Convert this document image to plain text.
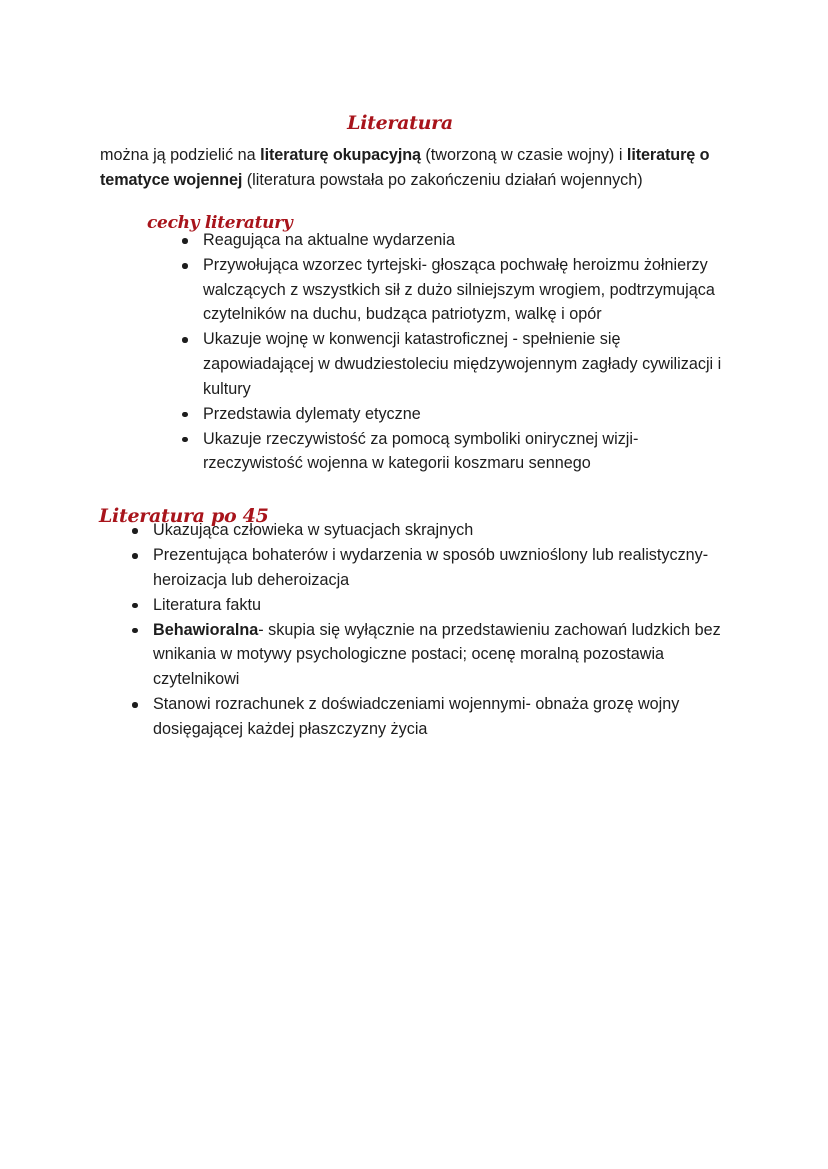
Literatura

można ją podzielić na literaturę okupacyjną (tworzoną w czasie wojny) i literaturę o tematyce wojennej (literatura powstała po zakończeniu działań wojennych)

cechy literatury
Reagująca na aktualne wydarzenia
Przywołująca wzorzec tyrtejski- głosząca pochwałę heroizmu żołnierzy walczących z wszystkich sił z dużo silniejszym wrogiem, podtrzymująca czytelników na duchu, budząca patriotyzm, walkę i opór
Ukazuje wojnę w konwencji katastroficznej - spełnienie się zapowiadającej w dwudziestoleciu międzywojennym zagłady cywilizacji i kultury
Przedstawia dylematy etyczne
Ukazuje rzeczywistość za pomocą symboliki onirycznej wizji- rzeczywistość wojenna w kategorii koszmaru sennego
Literatura po 45
Ukazująca człowieka w sytuacjach skrajnych
Prezentująca bohaterów i wydarzenia w sposób uwznioślony lub realistyczny- heroizacja lub deheroizacja
Literatura faktu
Behawioralna- skupia się wyłącznie na przedstawieniu zachowań ludzkich bez wnikania w motywy psychologiczne postaci; ocenę moralną pozostawia czytelnikowi
Stanowi rozrachunek z doświadczeniami wojennymi- obnaża grozę wojny dosięgającej każdej płaszczyzny życia
